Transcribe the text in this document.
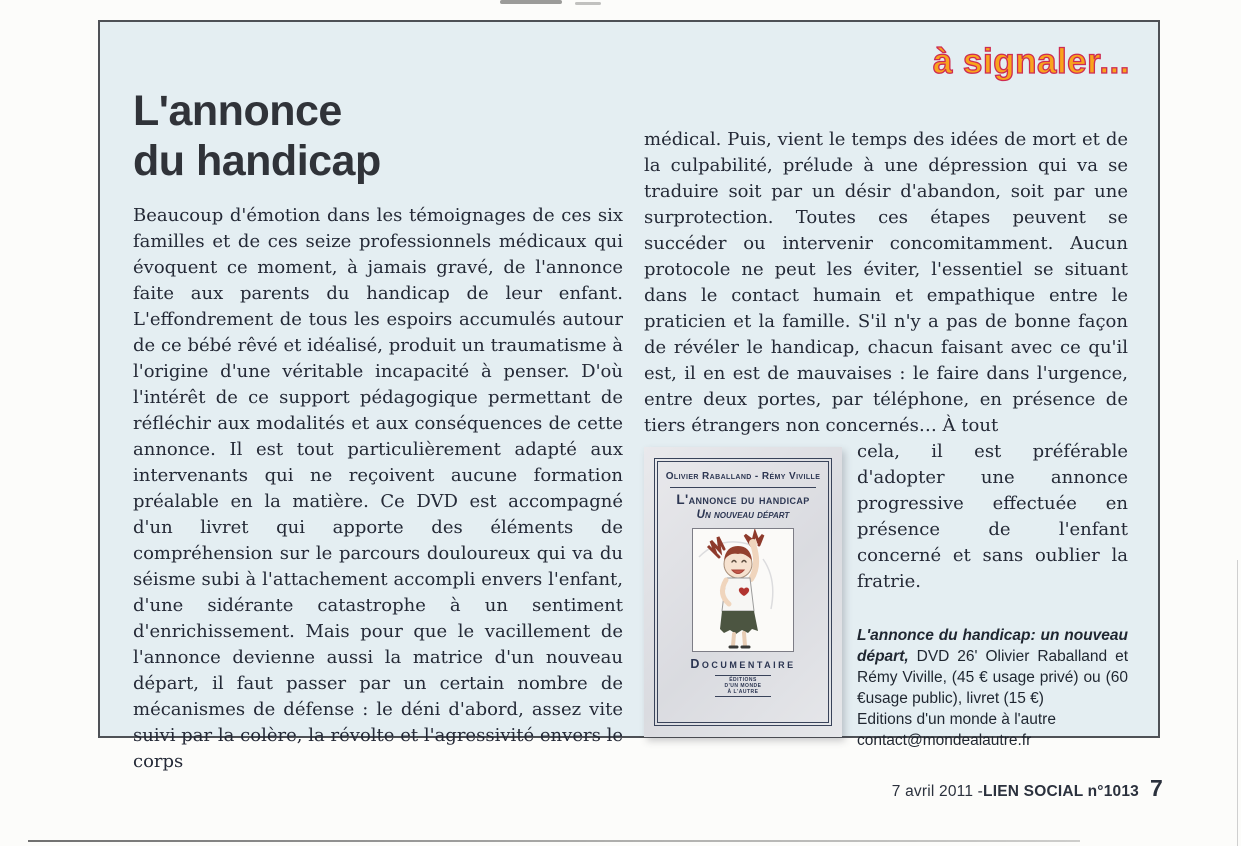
à signaler...
L'annonce
du handicap

Beaucoup d'émotion dans les témoignages de ces six familles et de ces seize professionnels médicaux qui évoquent ce moment, à jamais gravé, de l'annonce faite aux parents du handicap de leur enfant. L'effondrement de tous les espoirs accumulés autour de ce bébé rêvé et idéalisé, produit un traumatisme à l'origine d'une véritable incapacité à penser. D'où l'intérêt de ce support pédagogique permettant de réfléchir aux modalités et aux conséquences de cette annonce. Il est tout particulièrement adapté aux intervenants qui ne reçoivent aucune formation préalable en la matière. Ce DVD est accompagné d'un livret qui apporte des éléments de compréhension sur le parcours douloureux qui va du séisme subi à l'attachement accompli envers l'enfant, d'une sidérante catastrophe à un sentiment d'enrichissement. Mais pour que le vacillement de l'annonce devienne aussi la matrice d'un nouveau départ, il faut passer par un certain nombre de mécanismes de défense : le déni d'abord, assez vite suivi par la colère, la révolte et l'agressivité envers le corps

médical. Puis, vient le temps des idées de mort et de la culpabilité, prélude à une dépression qui va se traduire soit par un désir d'abandon, soit par une surprotection. Toutes ces étapes peuvent se succéder ou intervenir concomitamment. Aucun protocole ne peut les éviter, l'essentiel se situant dans le contact humain et empathique entre le praticien et la famille. S'il n'y a pas de bonne façon de révéler le handicap, chacun faisant avec ce qu'il est, il en est de mauvaises : le faire dans l'urgence, entre deux portes, par téléphone, en présence de tiers étrangers non concernés… À tout

Olivier Raballand - Rémy Viville
L'annonce du handicap
Un nouveau départ
Documentaire
ÉDITIONS
D'UN MONDE
À L'AUTRE

cela, il est préférable d'adopter une annonce progressive effectuée en présence de l'enfant concerné et sans oublier la fratrie.

L'annonce du handicap: un nouveau départ, DVD 26' Olivier Raballand et Rémy Viville, (45 € usage privé) ou (60 €usage public), livret (15 €)
Editions d'un monde à l'autre
contact@mondealautre.fr
7 avril 2011 - LIEN SOCIAL n°1013 7
